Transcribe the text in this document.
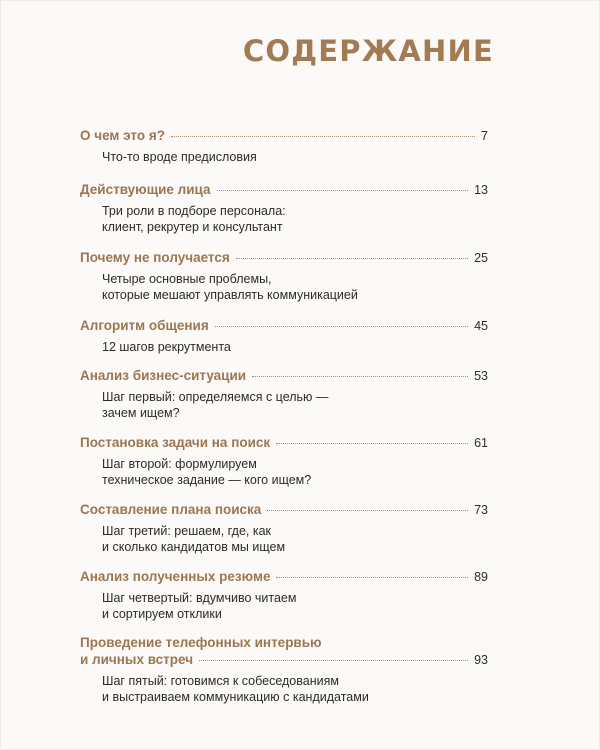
СОДЕРЖАНИЕ
О чем это я?	7
Что-то вроде предисловия
Действующие лица	13
Три роли в подборе персонала:
клиент, рекрутер и консультант
Почему не получается	25
Четыре основные проблемы,
которые мешают управлять коммуникацией
Алгоритм общения	45
12 шагов рекрутмента
Анализ бизнес-ситуации	53
Шаг первый: определяемся с целью —
зачем ищем?
Постановка задачи на поиск	61
Шаг второй: формулируем
техническое задание — кого ищем?
Составление плана поиска	73
Шаг третий: решаем, где, как
и сколько кандидатов мы ищем
Анализ полученных резюме	89
Шаг четвертый: вдумчиво читаем
и сортируем отклики
Проведение телефонных интервью
и личных встреч	93
Шаг пятый: готовимся к собеседованиям
и выстраиваем коммуникацию с кандидатами
